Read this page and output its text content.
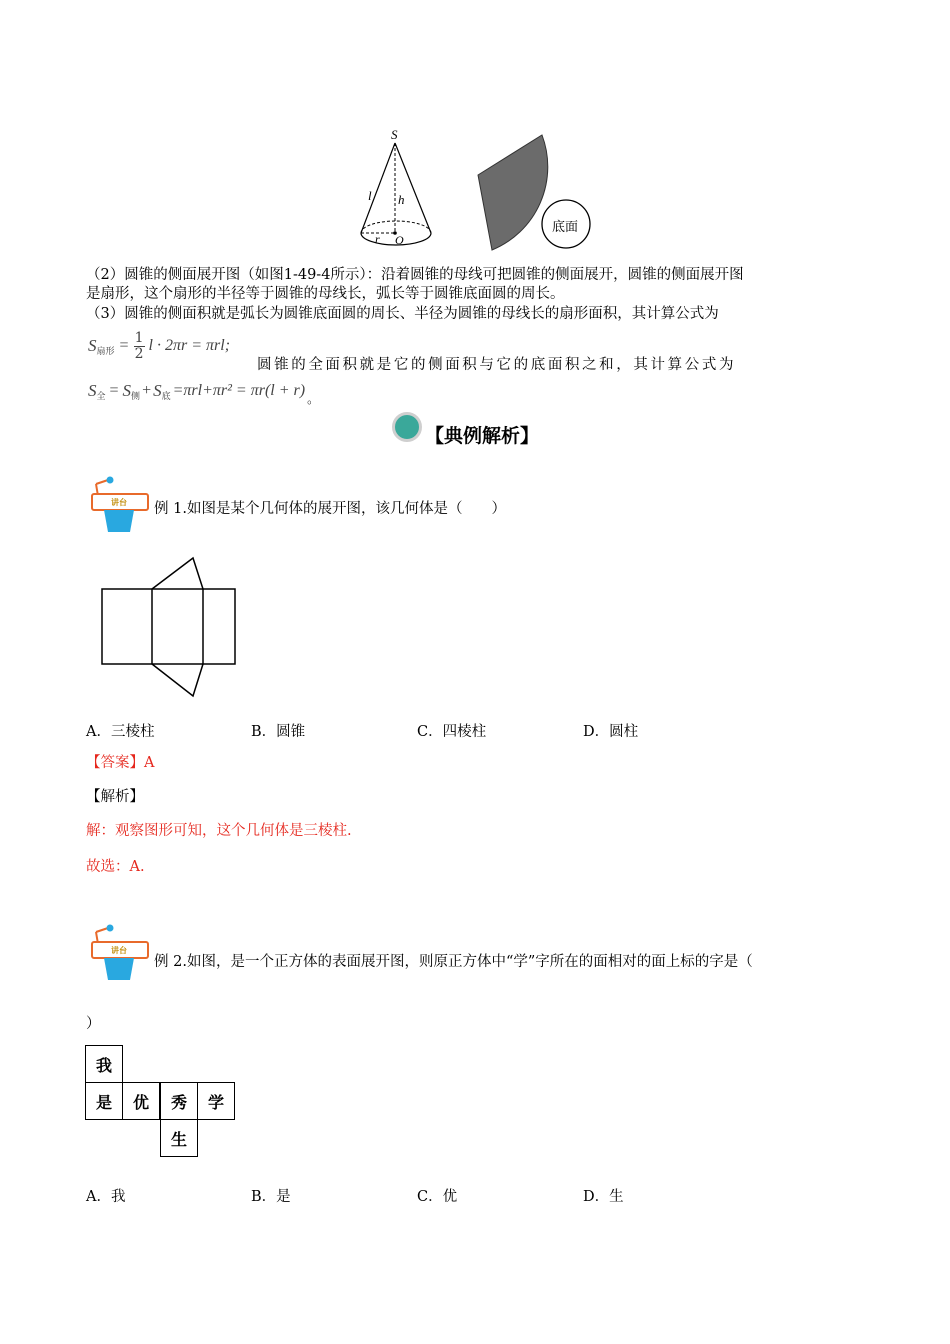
S
l h
r O
底面
（2）圆锥的侧面展开图（如图1-49-4所示）：沿着圆锥的母线可把圆锥的侧面展开，圆锥的侧面展开图
是扇形，这个扇形的半径等于圆锥的母线长，弧长等于圆锥底面圆的周长。
（3）圆锥的侧面积就是弧长为圆锥底面圆的周长、半径为圆锥的母线长的扇形面积，其计算公式为
S 扇形 = 1
2 l · 2πr = πrl;
圆 锥 的 全 面 积 就 是 它 的 侧 面 积 与 它 的 底 面 积 之 和 ， 其 计 算 公 式 为
S 全 = S 侧 + S 底 =πrl+πr² = πr(l + r) 。
【典例解析】
讲台 例 1.如图是某个几何体的展开图，该几何体是（　　）
A．三棱柱	B．圆锥	C．四棱柱	D．圆柱
【答案】A
【解析】
解：观察图形可知，这个几何体是三棱柱.
故选：A.
讲台
例 2.如图，是一个正方体的表面展开图，则原正方体中“学”字所在的面相对的面上标的字是（
）
我
是	优	秀	学
生
A．我	B．是	C．优	D．生
